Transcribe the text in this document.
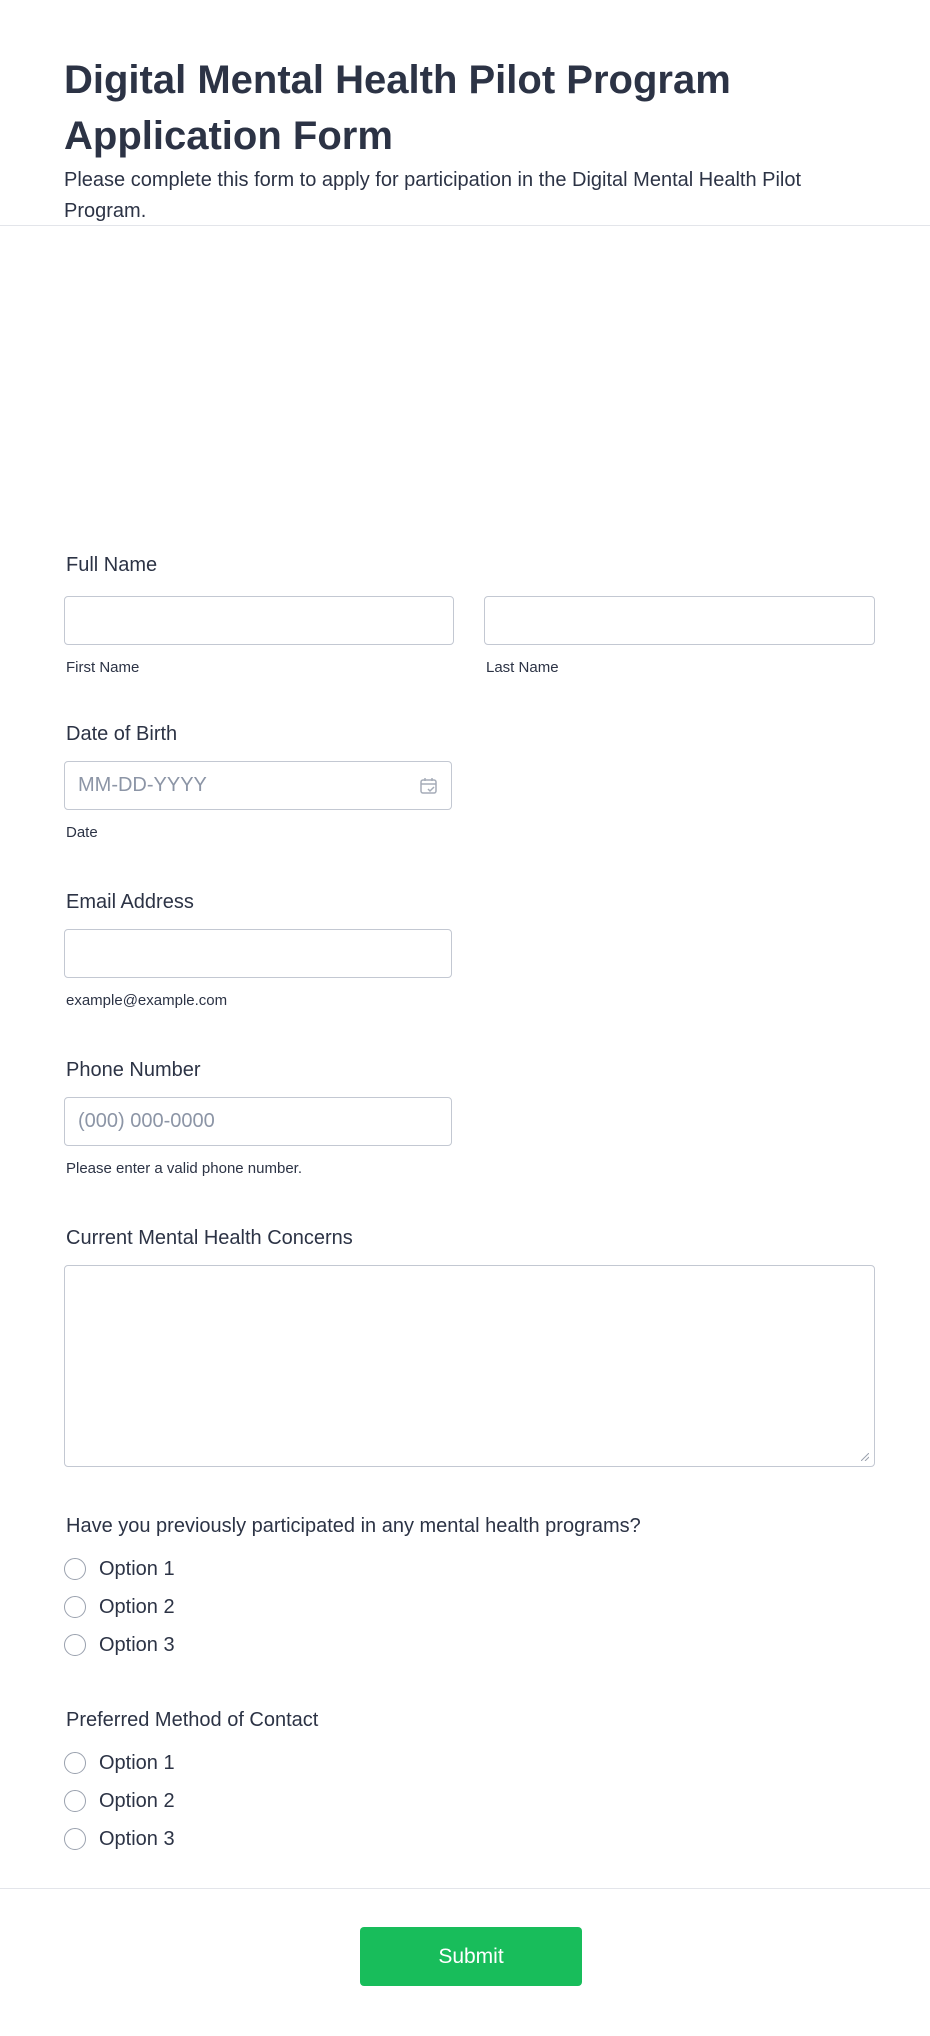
Digital Mental Health Pilot Program Application Form

Please complete this form to apply for participation in the Digital Mental Health Pilot Program.

Full Name
First Name	Last Name
Date of Birth
MM-DD-YYYY
Date
Email Address
example@example.com
Phone Number
(000) 000-0000
Please enter a valid phone number.
Current Mental Health Concerns
Have you previously participated in any mental health programs?
Option 1
Option 2
Option 3
Preferred Method of Contact
Option 1
Option 2
Option 3
Submit
